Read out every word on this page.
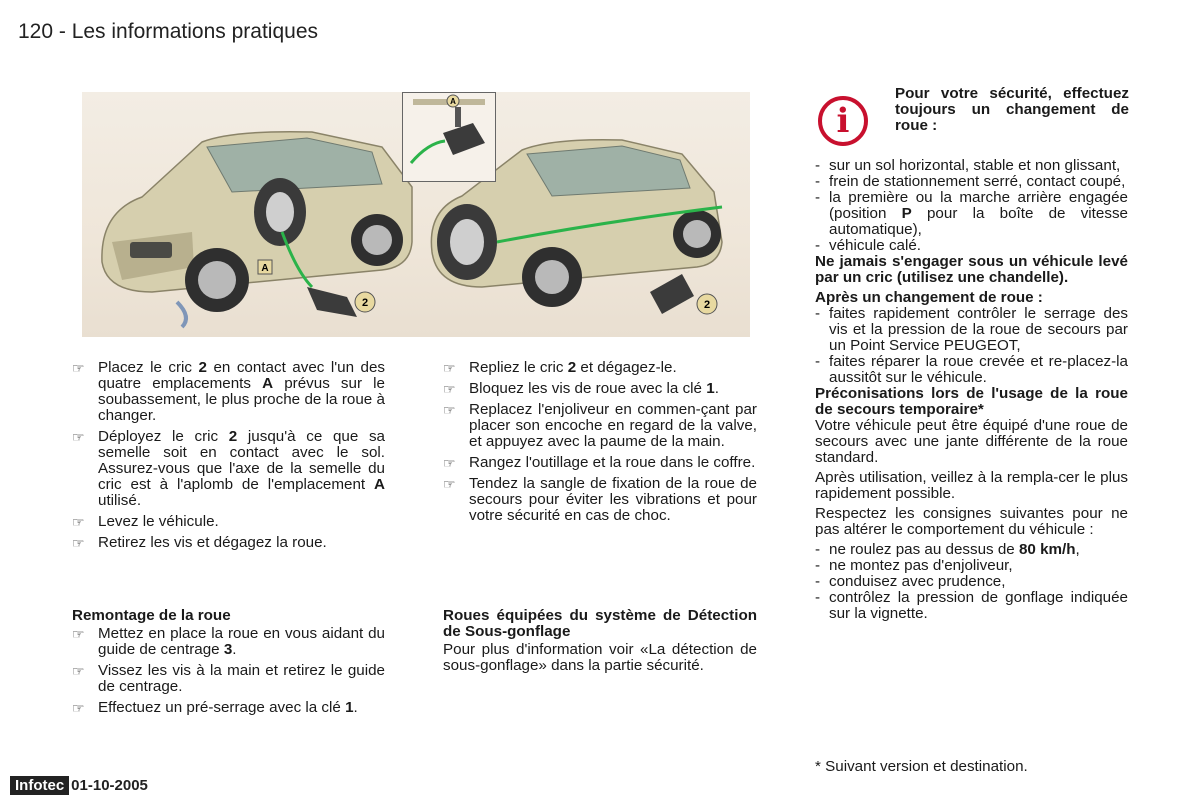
120 - Les informations pratiques
A
2	2
A
☞ Placez le cric 2 en contact avec l'un des quatre emplacements A prévus sur le soubassement, le plus proche de la roue à changer.
☞ Déployez le cric 2 jusqu'à ce que sa semelle soit en contact avec le sol. Assurez-vous que l'axe de la semelle du cric est à l'aplomb de l'emplacement A utilisé.
☞ Levez le véhicule.
☞ Retirez les vis et dégagez la roue.

Remontage de la roue

☞ Mettez en place la roue en vous aidant du guide de centrage 3.
☞ Vissez les vis à la main et retirez le guide de centrage.
☞ Effectuez un pré-serrage avec la clé 1.
☞ Repliez le cric 2 et dégagez-le.
☞ Bloquez les vis de roue avec la clé 1.
☞ Replacez l'enjoliveur en commen-çant par placer son encoche en regard de la valve, et appuyez avec la paume de la main.
☞ Rangez l'outillage et la roue dans le coffre.
☞ Tendez la sangle de fixation de la roue de secours pour éviter les vibrations et pour votre sécurité en cas de choc.

Roues équipées du système de Détection de Sous-gonflage

Pour plus d'information voir «La détection de sous-gonflage» dans la partie sécurité.

i
Pour votre sécurité, effectuez toujours un changement de roue :
- sur un sol horizontal, stable et non glissant,
- frein de stationnement serré, contact coupé,
- la première ou la marche arrière engagée (position P pour la boîte de vitesse automatique),
- véhicule calé.

Ne jamais s'engager sous un véhicule levé par un cric (utilisez une chandelle).

Après un changement de roue :

- faites rapidement contrôler le serrage des vis et la pression de la roue de secours par un Point Service PEUGEOT,
- faites réparer la roue crevée et re-placez-la aussitôt sur le véhicule.

Préconisations lors de l'usage de la roue de secours temporaire*

Votre véhicule peut être équipé d'une roue de secours avec une jante différente de la roue standard.

Après utilisation, veillez à la rempla-cer le plus rapidement possible.

Respectez les consignes suivantes pour ne pas altérer le comportement du véhicule :

- ne roulez pas au dessus de 80 km/h,
- ne montez pas d'enjoliveur,
- conduisez avec prudence,
- contrôlez la pression de gonflage indiquée sur la vignette.
* Suivant version et destination.
Infotec 01-10-2005
